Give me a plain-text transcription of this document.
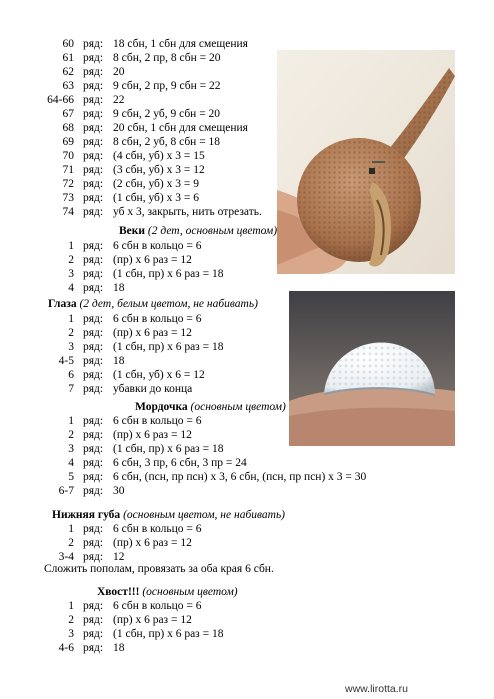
60 ряд: 18 сбн, 1 сбн для смещения
61 ряд: 8 сбн, 2 пр, 8 сбн = 20
62 ряд: 20
63 ряд: 9 сбн, 2 пр, 9 сбн = 22
64-66 ряд: 22
67 ряд: 9 сбн, 2 уб, 9 сбн = 20
68 ряд: 20 сбн, 1 сбн для смещения
69 ряд: 8 сбн, 2 уб, 8 сбн = 18
70 ряд: (4 сбн, уб) х 3 = 15
71 ряд: (3 сбн, уб) х 3 = 12
72 ряд: (2 сбн, уб) х 3 = 9
73 ряд: (1 сбн, уб) х 3 = 6
74 ряд: уб х 3, закрыть, нить отрезать.
Веки (2 дет, основным цветом)
1 ряд: 6 сбн в кольцо = 6
2 ряд: (пр) х 6 раз = 12
3 ряд: (1 сбн, пр) х 6 раз = 18
4 ряд: 18
Глаза (2 дет, белым цветом, не набивать)
1 ряд: 6 сбн в кольцо = 6
2 ряд: (пр) х 6 раз = 12
3 ряд: (1 сбн, пр) х 6 раз = 18
4-5 ряд: 18
6 ряд: (1 сбн, уб) х 6 = 12
7 ряд: убавки до конца
Мордочка (основным цветом)
1 ряд: 6 сбн в кольцо = 6
2 ряд: (пр) х 6 раз = 12
3 ряд: (1 сбн, пр) х 6 раз = 18
4 ряд: 6 сбн, 3 пр, 6 сбн, 3 пр = 24
5 ряд: 6 сбн, (псн, пр псн) х 3, 6 сбн, (псн, пр псн) х 3 = 30
6-7 ряд: 30
Нижняя губа (основным цветом, не набивать)
1 ряд: 6 сбн в кольцо = 6
2 ряд: (пр) х 6 раз = 12
3-4 ряд: 12
Сложить пополам, провязать за оба края 6 сбн.
Хвост!!! (основным цветом)
1 ряд: 6 сбн в кольцо = 6
2 ряд: (пр) х 6 раз = 12
3 ряд: (1 сбн, пр) х 6 раз = 18
4-6 ряд: 18
www.lirotta.ru
